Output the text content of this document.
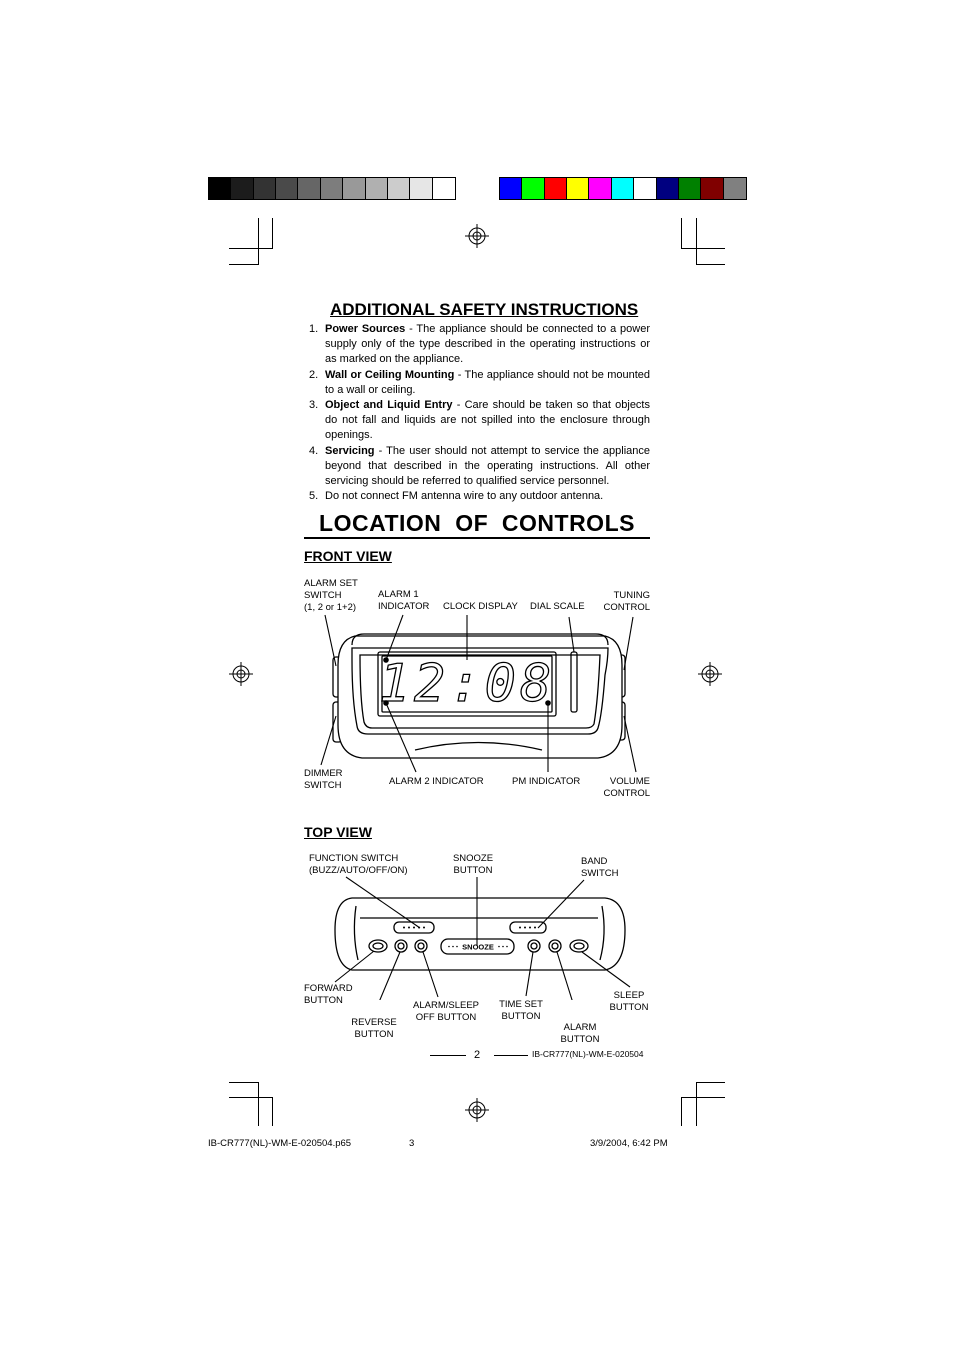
ADDITIONAL SAFETY INSTRUCTIONS
1. Power Sources - The appliance should be connected to a power supply only of the type described in the operating instructions or as marked on the appliance.
2. Wall or Ceiling Mounting - The appliance should not be mounted to a wall or ceiling.
3. Object and Liquid Entry - Care should be taken so that objects do not fall and liquids are not spilled into the enclosure through openings.
4. Servicing - The user should not attempt to service the appliance beyond that described in the operating instructions. All other servicing should be referred to qualified service personnel.
5. Do not connect FM antenna wire to any outdoor antenna.
LOCATION  OF  CONTROLS
FRONT VIEW
ALARM SET
SWITCH
(1, 2 or 1+2)
ALARM 1
INDICATOR CLOCK DISPLAY DIAL SCALE
TUNING
CONTROL
12:08
DIMMER
SWITCH	ALARM 2 INDICATOR	PM INDICATOR	VOLUME
CONTROL
TOP VIEW
FUNCTION SWITCH
(BUZZ/AUTO/OFF/ON)
SNOOZE
BUTTON
BAND
SWITCH
SNOOZE
FORWARD
BUTTON
REVERSE
BUTTON
ALARM/SLEEP
OFF BUTTON
TIME SET
BUTTON
ALARM
BUTTON
SLEEP
BUTTON
2	IB-CR777(NL)-WM-E-020504
IB-CR777(NL)-WM-E-020504.p65	3	3/9/2004, 6:42 PM
